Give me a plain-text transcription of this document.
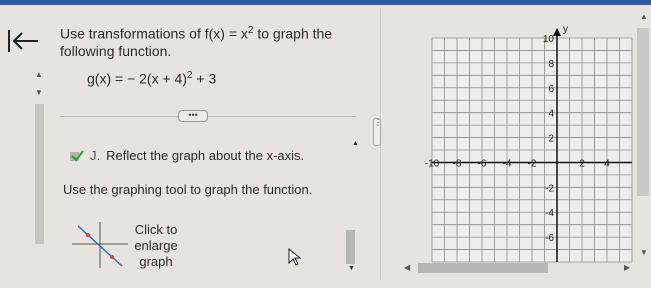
▲
▼
Use transformations of $f(x) = x^2$ to graph the
following function.
g(x) = − $2(x + 4)^2 + 3$
•••
J. Reflect the graph about the x-axis.
Use the graphing tool to graph the function.
Click to
enlarge
graph
⋮
▲
▼
y
-10 -8 -6 -4 -2	2 4
10
8
6
4
2
-2
-4
-6
◀	▶
▲
▼
